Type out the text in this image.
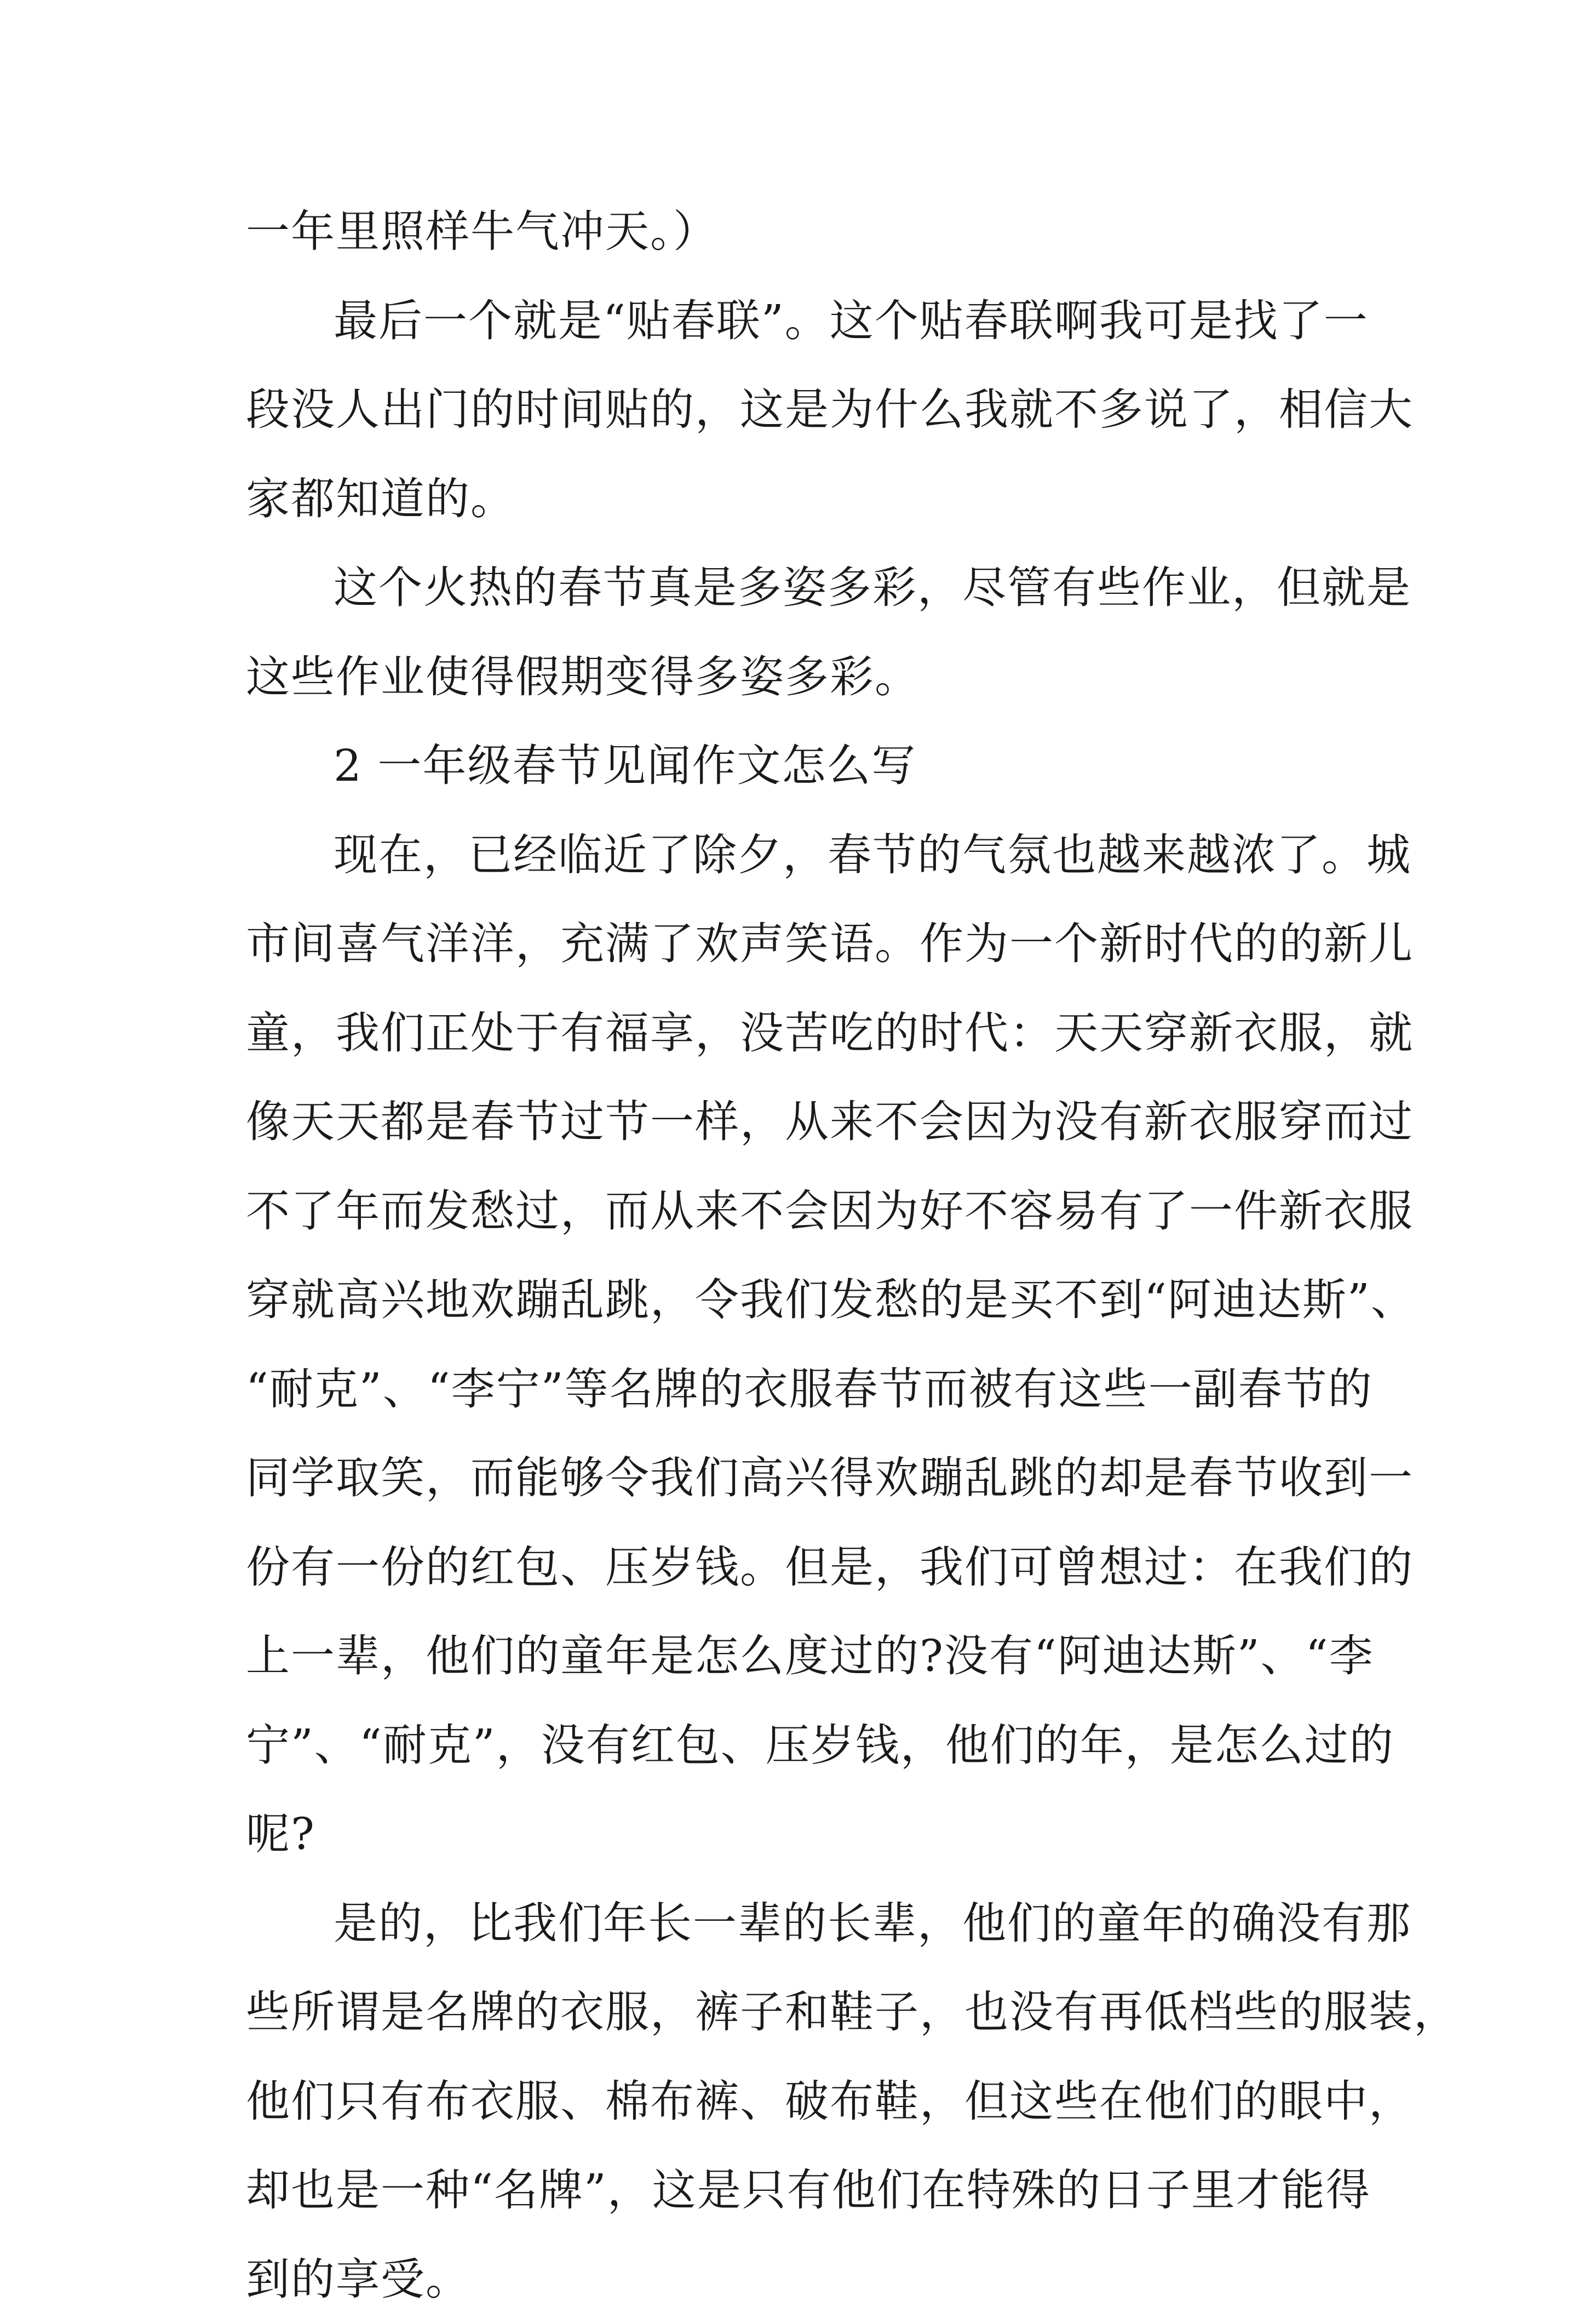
一年里照样牛气冲天。）
最后一个就是“贴春联”。这个贴春联啊我可是找了一
段没人出门的时间贴的，这是为什么我就不多说了，相信大
家都知道的。
这个火热的春节真是多姿多彩，尽管有些作业，但就是
这些作业使得假期变得多姿多彩。
2 一年级春节见闻作文怎么写
现在，已经临近了除夕，春节的气氛也越来越浓了。城
市间喜气洋洋，充满了欢声笑语。作为一个新时代的的新儿
童，我们正处于有福享，没苦吃的时代：天天穿新衣服，就
像天天都是春节过节一样，从来不会因为没有新衣服穿而过
不了年而发愁过，而从来不会因为好不容易有了一件新衣服
穿就高兴地欢蹦乱跳，令我们发愁的是买不到“阿迪达斯”、
“耐克”、“李宁”等名牌的衣服春节而被有这些一副春节的
同学取笑，而能够令我们高兴得欢蹦乱跳的却是春节收到一
份有一份的红包、压岁钱。但是，我们可曾想过：在我们的
上一辈，他们的童年是怎么度过的?没有“阿迪达斯”、“李
宁”、“耐克”，没有红包、压岁钱，他们的年，是怎么过的
呢?
是的，比我们年长一辈的长辈，他们的童年的确没有那
些所谓是名牌的衣服，裤子和鞋子，也没有再低档些的服装，
他们只有布衣服、棉布裤、破布鞋，但这些在他们的眼中，
却也是一种“名牌”，这是只有他们在特殊的日子里才能得
到的享受。
